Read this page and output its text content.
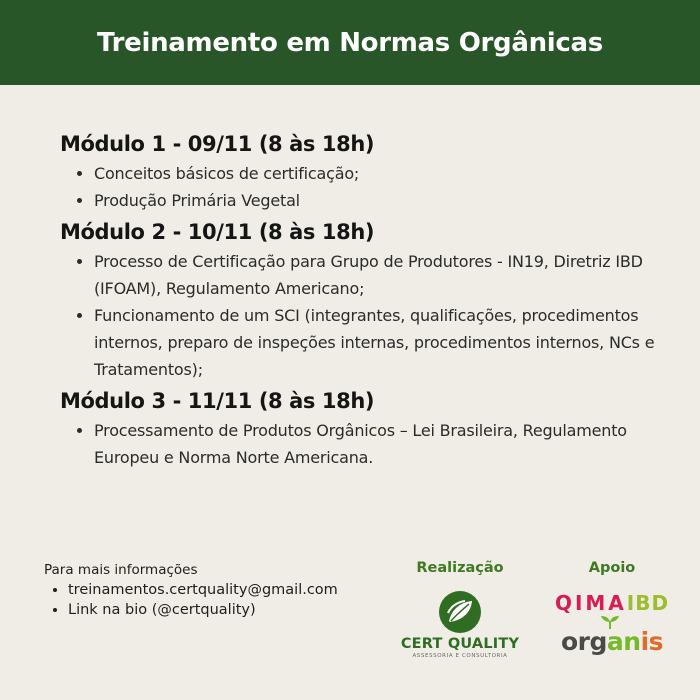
Treinamento em Normas Orgânicas
Módulo 1 - 09/11 (8 às 18h)
• Conceitos básicos de certificação;
• Produção Primária Vegetal
Módulo 2 - 10/11 (8 às 18h)
• Processo de Certificação para Grupo de Produtores - IN19, Diretriz IBD (IFOAM), Regulamento Americano;
• Funcionamento de um SCI (integrantes, qualificações, procedimentos internos, preparo de inspeções internas, procedimentos internos, NCs e Tratamentos);
Módulo 3 - 11/11 (8 às 18h)
• Processamento de Produtos Orgânicos – Lei Brasileira, Regulamento Europeu e Norma Norte Americana.

Para mais informações

• treinamentos.certquality@gmail.com
• Link na bio (@certquality)

Realização

CERT QUALITY
ASSESSORIA E CONSULTORIA

Apoio

QIMAIBD
organis
